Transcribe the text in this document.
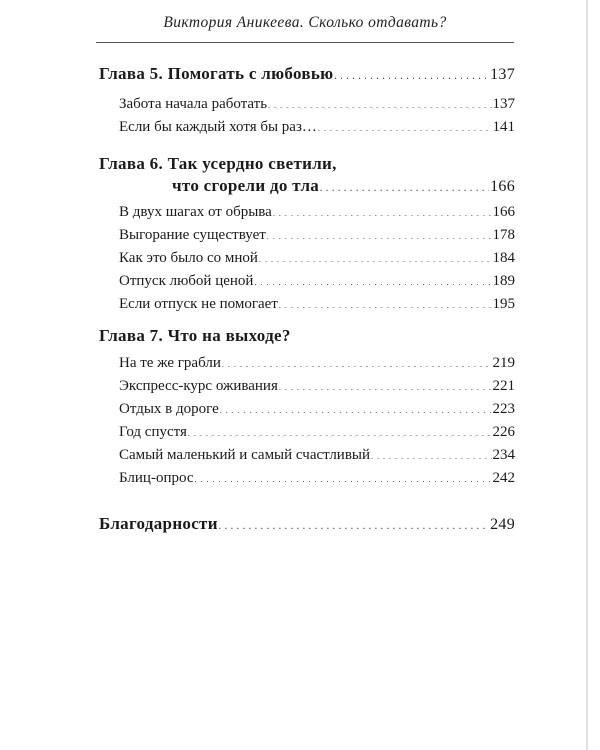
Виктория Аникеева. Сколько отдавать?
Глава 5. Помогать с любовью . . .	137
Забота начала работать . . .	137
Если бы каждый хотя бы раз… . . .	141
Глава 6. Так усердно светили,
что сгорели до тла . . .	166
В двух шагах от обрыва . . .	166
Выгорание существует . . .	178
Как это было со мной . . .	184
Отпуск любой ценой . . .	189
Если отпуск не помогает . . .	195
Глава 7. Что на выходе?
На те же грабли . . .	219
Экспресс-курс оживания . . .	221
Отдых в дороге . . .	223
Год спустя . . .	226
Самый маленький и самый счастливый . . .	234
Блиц-опрос . . .	242
Благодарности . . .	249
